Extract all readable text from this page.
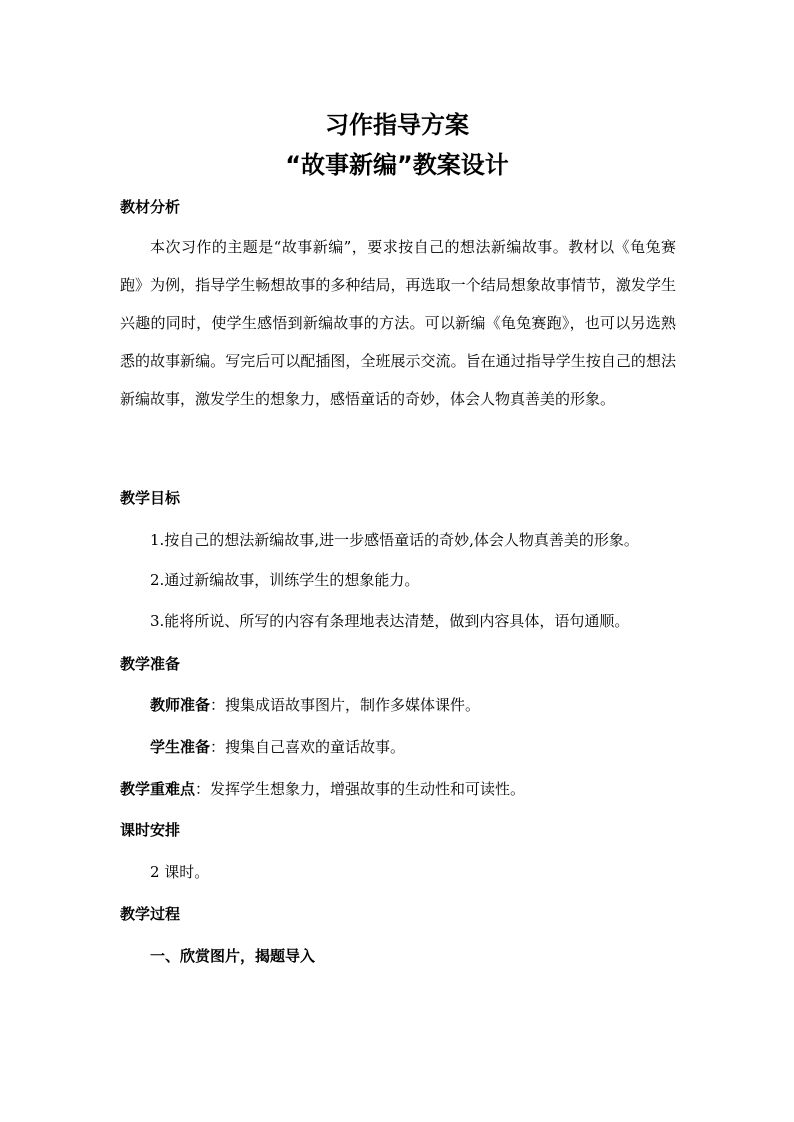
习作指导方案
“故事新编”教案设计
教材分析

本次习作的主题是“故事新编”，要求按自己的想法新编故事。教材以《龟兔赛跑》为例，指导学生畅想故事的多种结局，再选取一个结局想象故事情节，激发学生兴趣的同时，使学生感悟到新编故事的方法。可以新编《龟兔赛跑》，也可以另选熟悉的故事新编。写完后可以配插图，全班展示交流。旨在通过指导学生按自己的想法新编故事，激发学生的想象力，感悟童话的奇妙，体会人物真善美的形象。

教学目标

1.按自己的想法新编故事,进一步感悟童话的奇妙,体会人物真善美的形象。

2.通过新编故事，训练学生的想象能力。

3.能将所说、所写的内容有条理地表达清楚，做到内容具体，语句通顺。

教学准备

教师准备：搜集成语故事图片，制作多媒体课件。

学生准备：搜集自己喜欢的童话故事。

教学重难点：发挥学生想象力，增强故事的生动性和可读性。

课时安排

2 课时。

教学过程

一、欣赏图片，揭题导入
